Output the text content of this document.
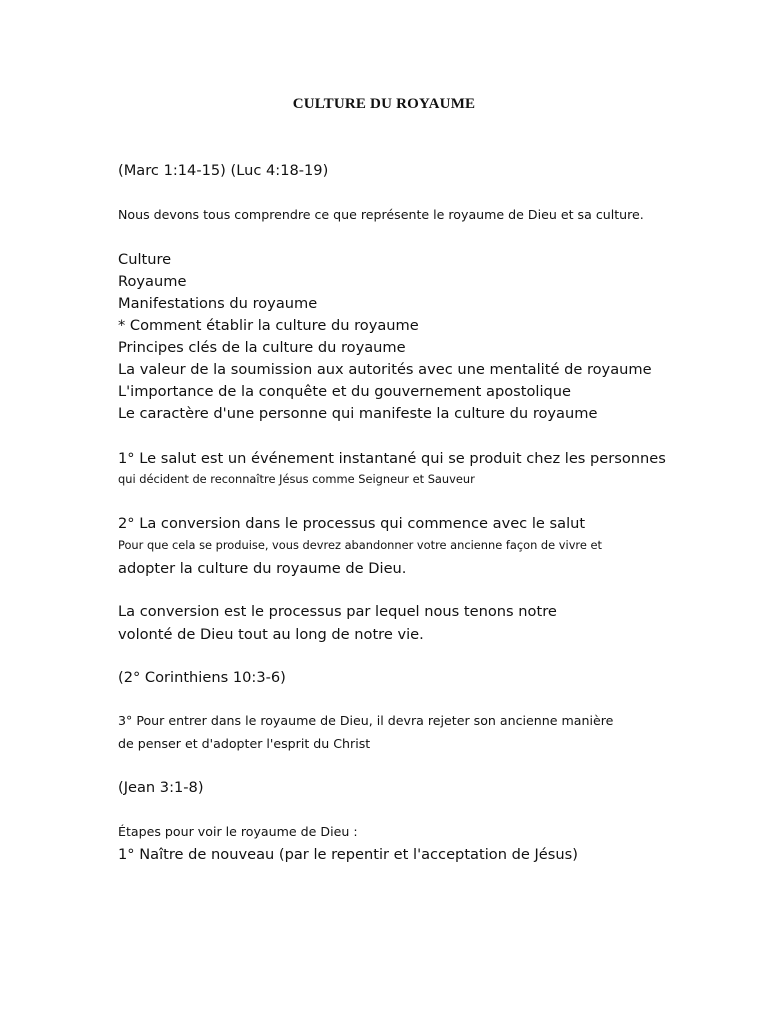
CULTURE DU ROYAUME
(Marc 1:14-15) (Luc 4:18-19)
Nous devons tous comprendre ce que représente le royaume de Dieu et sa culture.
Culture
Royaume
Manifestations du royaume
* Comment établir la culture du royaume
Principes clés de la culture du royaume
La valeur de la soumission aux autorités avec une mentalité de royaume
L'importance de la conquête et du gouvernement apostolique
Le caractère d'une personne qui manifeste la culture du royaume
1° Le salut est un événement instantané qui se produit chez les personnes
qui décident de reconnaître Jésus comme Seigneur et Sauveur
2° La conversion dans le processus qui commence avec le salut
Pour que cela se produise, vous devrez abandonner votre ancienne façon de vivre et
adopter la culture du royaume de Dieu.
La conversion est le processus par lequel nous tenons notre
volonté de Dieu tout au long de notre vie.
(2° Corinthiens 10:3-6)
3° Pour entrer dans le royaume de Dieu, il devra rejeter son ancienne manière
de penser et d'adopter l'esprit du Christ
(Jean 3:1-8)
Étapes pour voir le royaume de Dieu :
1° Naître de nouveau (par le repentir et l'acceptation de Jésus)
